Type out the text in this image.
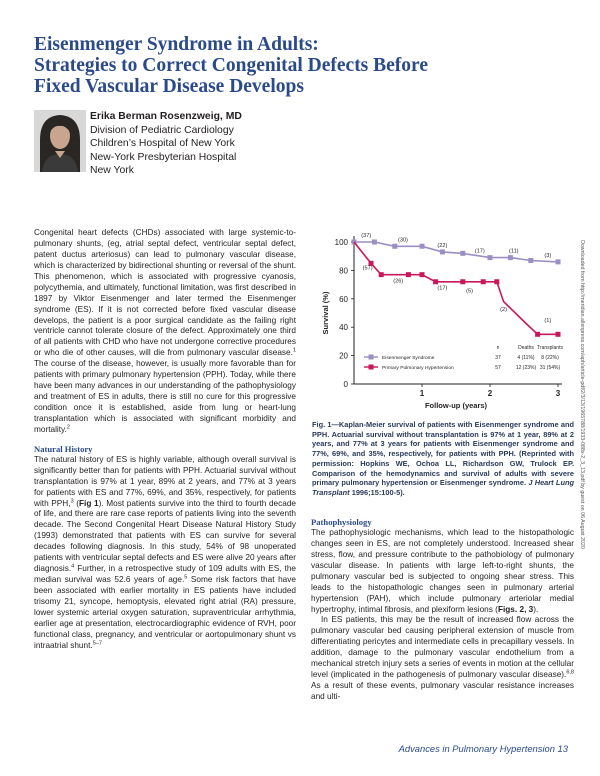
Eisenmenger Syndrome in Adults:
Strategies to Correct Congenital Defects Before
Fixed Vascular Disease Develops
Erika Berman Rosenzweig, MD
Division of Pediatric Cardiology
Children’s Hospital of New York
New-York Presbyterian Hospital
New York

Congenital heart defects (CHDs) associated with large systemic-to-pulmonary shunts, (eg, atrial septal defect, ventricular septal defect, patent ductus arteriosus) can lead to pulmonary vascular disease, which is characterized by bidirectional shunting or reversal of the shunt. This phenomenon, which is associated with progressive cyanosis, polycythemia, and ultimately, functional limitation, was first described in 1897 by Viktor Eisenmenger and later termed the Eisenmenger syndrome (ES). If it is not corrected before fixed vascular disease develops, the patient is a poor surgical candidate as the failing right ventricle cannot tolerate closure of the defect. Approximately one third of all patients with CHD who have not undergone corrective procedures or who die of other causes, will die from pulmonary vascular disease.$^1$ The course of the disease, however, is usually more favorable than for patients with primary pulmonary hypertension (PPH). Today, while there have been many advances in our understanding of the pathophysiology and treatment of ES in adults, there is still no cure for this progressive condition once it is established, aside from lung or heart-lung transplantation which is associated with significant morbidity and mortality.$^2$

Natural History

The natural history of ES is highly variable, although overall survival is significantly better than for patients with PPH. Actuarial survival without transplantation is 97% at 1 year, 89% at 2 years, and 77% at 3 years for patients with ES and 77%, 69%, and 35%, respectively, for patients with PPH,$^3$ (Fig 1). Most patients survive into the third to fourth decade of life, and there are rare case reports of patients living into the seventh decade. The Second Congenital Heart Disease Natural History Study (1993) demonstrated that patients with ES can survive for several decades following diagnosis. In this study, 54% of 98 unoperated patients with ventricular septal defects and ES were alive 20 years after diagnosis.$^4$ Further, in a retrospective study of 109 adults with ES, the median survival was 52.6 years of age.$^5$ Some risk factors that have been associated with earlier mortality in ES patients have included trisomy 21, syncope, hemoptysis, elevated right atrial (RA) pressure, lower systemic arterial oxygen saturation, supraventricular arrhythmia, earlier age at presentation, electrocardiographic evidence of RVH, poor functional class, pregnancy, and ventricular or aortopulmonary shunt vs intraatrial shunt.$^{5-7}$

0
20
40
60
80
100
1	2	3
Follow-up (years)
Survival (%)
(37)
(30)
(22)
(17)	(11)
(3)
(57)
(26)
(17)	(5)
(2)
(1)
n	Deaths Transplants
Eisenmenger Syndrome	37	4 (11%) 8 (22%)
Primary Pulmonary Hypertension	57	12 (23%) 31 (54%)
Fig. 1—Kaplan-Meier survival of patients with Eisenmenger syndrome and PPH. Actuarial survival without transplantation is 97% at 1 year, 89% at 2 years, and 77% at 3 years for patients with Eisenmenger syndrome and 77%, 69%, and 35%, respectively, for patients with PPH. (Reprinted with permission: Hopkins WE, Ochoa LL, Richardson GW, Trulock EP. Comparison of the hemodynamics and survival of adults with severe primary pulmonary hypertension or Eisenmenger syndrome. J Heart Lung Transplant 1996;15:100-5).

Pathophysiology

The pathophysiologic mechanisms, which lead to the histopathologic changes seen in ES, are not completely understood. Increased shear stress, flow, and pressure contribute to the pathobiology of pulmonary vascular disease. In patients with large left-to-right shunts, the pulmonary vascular bed is subjected to ongoing shear stress. This leads to the histopathologic changes seen in pulmonary arterial hypertension (PAH), which include pulmonary arteriolar medial hypertrophy, intimal fibrosis, and plexiform lesions (Figs. 2, 3).

In ES patients, this may be the result of increased flow across the pulmonary vascular bed causing peripheral extension of muscle from differentiating pericytes and intermediate cells in precapillary vessels. In addition, damage to the pulmonary vascular endothelium from a mechanical stretch injury sets a series of events in motion at the cellular level (implicated in the pathogenesis of pulmonary vascular disease).$^{6,8}$ As a result of these events, pulmonary vascular resistance increases and ulti-

Downloaded from http://meridian.allenpress.com/aph/article-pdf/2/3/13/1965788/1933-088x-2_3_13.pdf by guest on 06 August 2020
Advances in Pulmonary Hypertension 13
